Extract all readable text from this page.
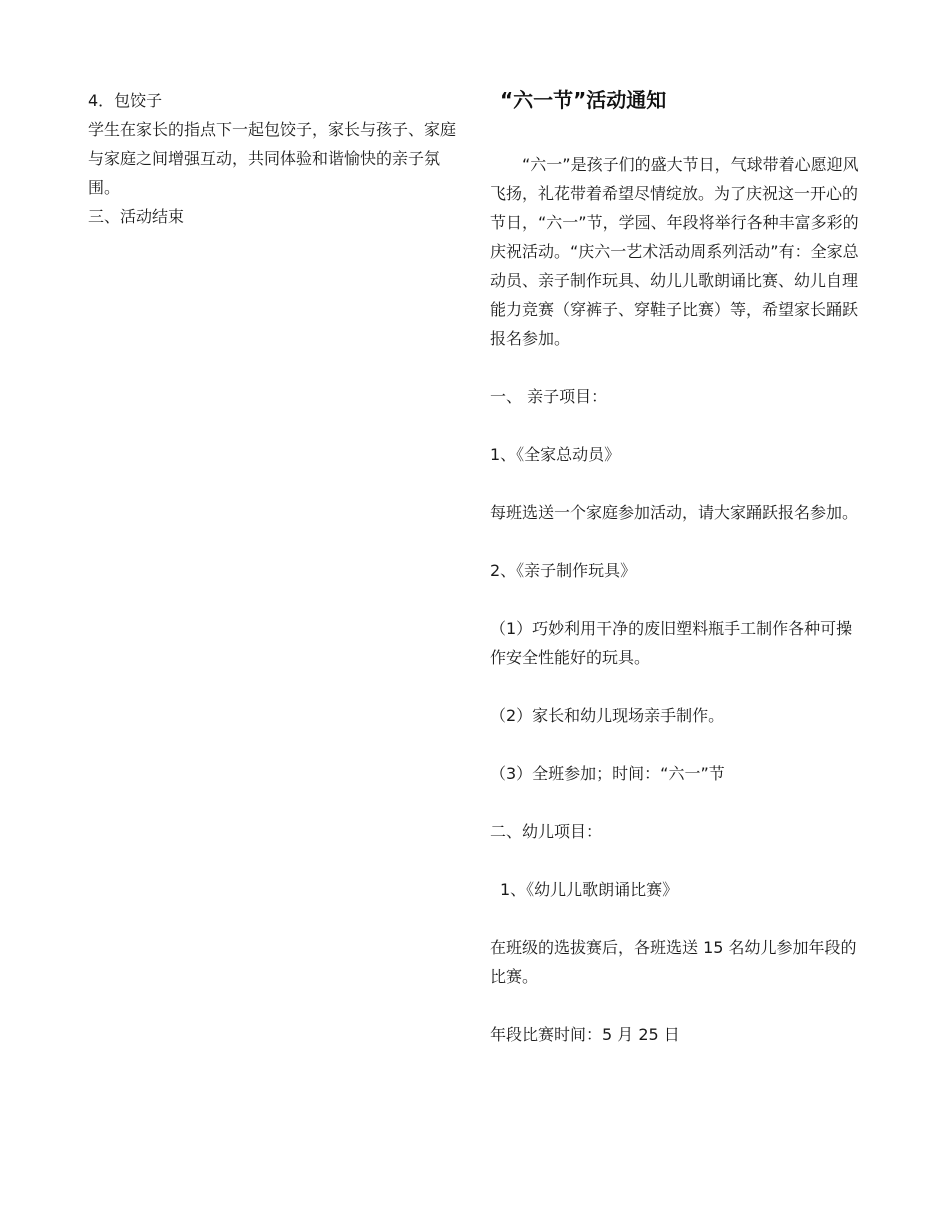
4．包饺子

学生在家长的指点下一起包饺子，家长与孩子、家庭与家庭之间增强互动，共同体验和谐愉快的亲子氛围。

三、活动结束

“六一节”活动通知

“六一”是孩子们的盛大节日，气球带着心愿迎风飞扬，礼花带着希望尽情绽放。为了庆祝这一开心的节日，“六一”节，学园、年段将举行各种丰富多彩的庆祝活动。“庆六一艺术活动周系列活动”有：全家总动员、亲子制作玩具、幼儿儿歌朗诵比赛、幼儿自理能力竞赛（穿裤子、穿鞋子比赛）等，希望家长踊跃报名参加。

一、 亲子项目：

1、《全家总动员》

每班选送一个家庭参加活动，请大家踊跃报名参加。

2、《亲子制作玩具》

（1）巧妙利用干净的废旧塑料瓶手工制作各种可操作安全性能好的玩具。

（2）家长和幼儿现场亲手制作。

（3）全班参加；时间：“六一”节

二、幼儿项目：

1、《幼儿儿歌朗诵比赛》

在班级的选拔赛后，各班选送 15 名幼儿参加年段的比赛。

年段比赛时间：5 月 25 日
